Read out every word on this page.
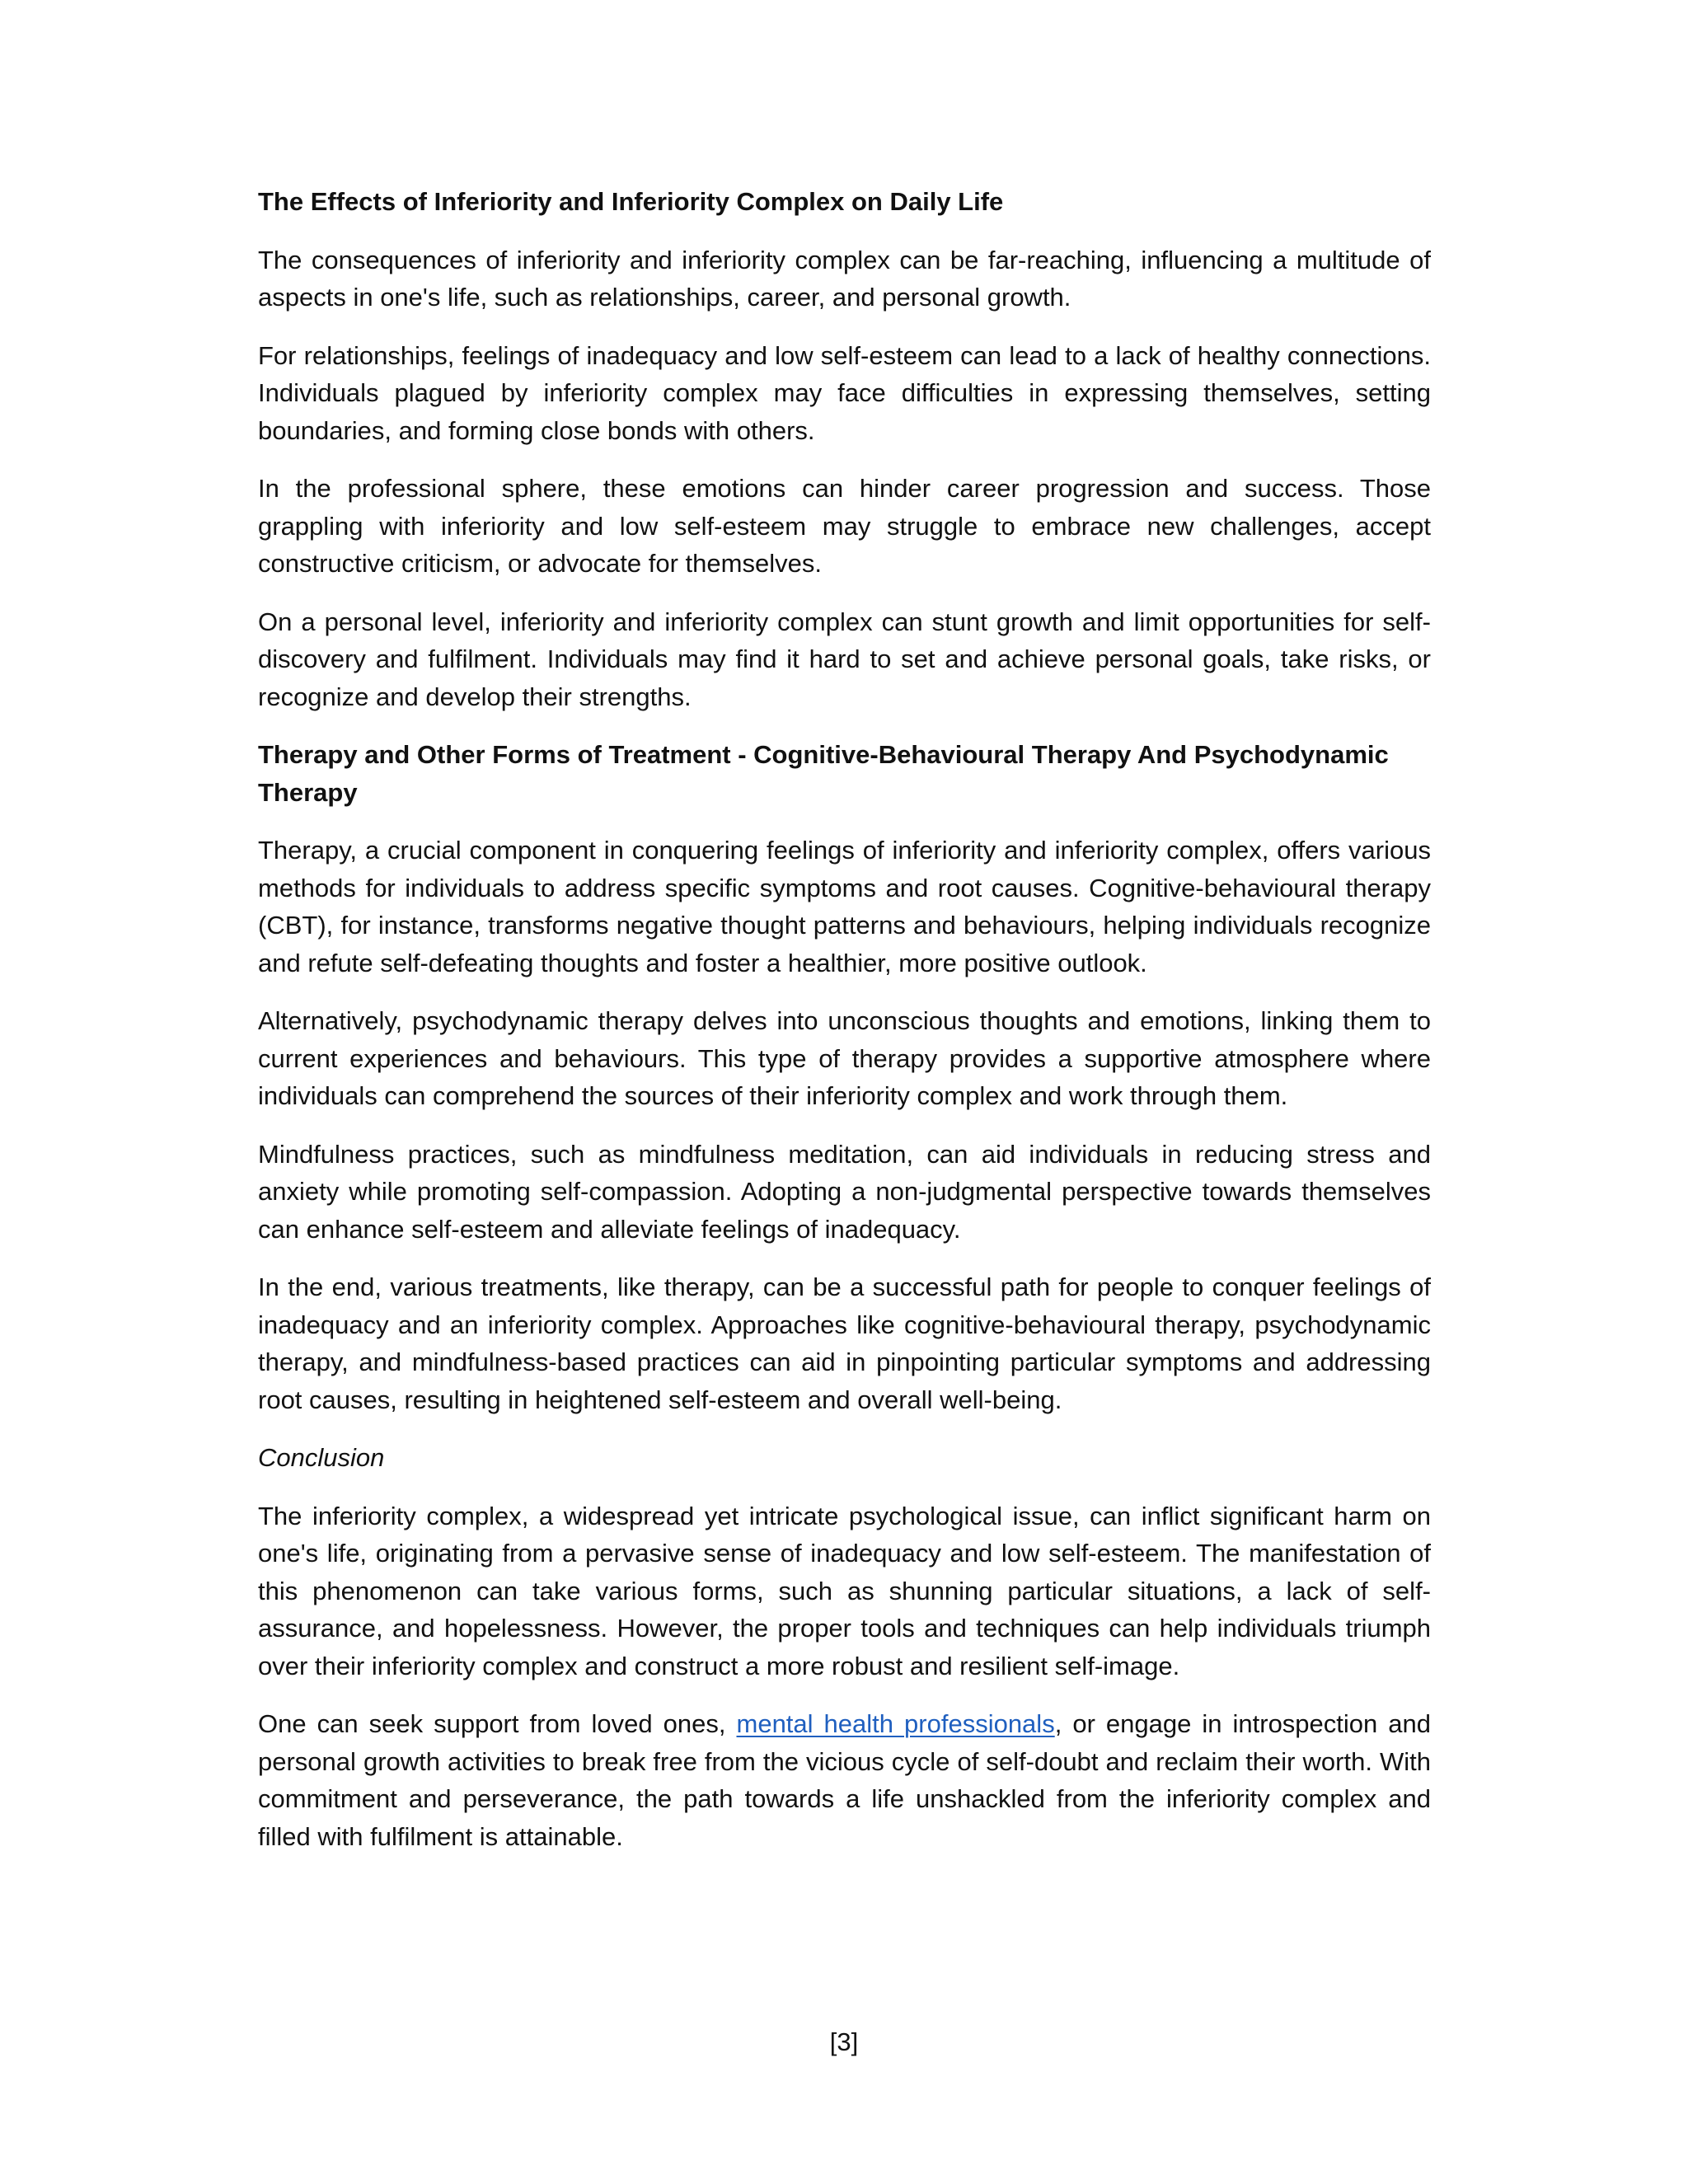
The Effects of Inferiority and Inferiority Complex on Daily Life

The consequences of inferiority and inferiority complex can be far-reaching, influencing a multitude of aspects in one's life, such as relationships, career, and personal growth.

For relationships, feelings of inadequacy and low self-esteem can lead to a lack of healthy connections. Individuals plagued by inferiority complex may face difficulties in expressing themselves, setting boundaries, and forming close bonds with others.

In the professional sphere, these emotions can hinder career progression and success. Those grappling with inferiority and low self-esteem may struggle to embrace new challenges, accept constructive criticism, or advocate for themselves.

On a personal level, inferiority and inferiority complex can stunt growth and limit opportunities for self-discovery and fulfilment. Individuals may find it hard to set and achieve personal goals, take risks, or recognize and develop their strengths.

Therapy and Other Forms of Treatment - Cognitive-Behavioural Therapy And Psychodynamic Therapy

Therapy, a crucial component in conquering feelings of inferiority and inferiority complex, offers various methods for individuals to address specific symptoms and root causes. Cognitive-behavioural therapy (CBT), for instance, transforms negative thought patterns and behaviours, helping individuals recognize and refute self-defeating thoughts and foster a healthier, more positive outlook.

Alternatively, psychodynamic therapy delves into unconscious thoughts and emotions, linking them to current experiences and behaviours. This type of therapy provides a supportive atmosphere where individuals can comprehend the sources of their inferiority complex and work through them.

Mindfulness practices, such as mindfulness meditation, can aid individuals in reducing stress and anxiety while promoting self-compassion. Adopting a non-judgmental perspective towards themselves can enhance self-esteem and alleviate feelings of inadequacy.

In the end, various treatments, like therapy, can be a successful path for people to conquer feelings of inadequacy and an inferiority complex. Approaches like cognitive-behavioural therapy, psychodynamic therapy, and mindfulness-based practices can aid in pinpointing particular symptoms and addressing root causes, resulting in heightened self-esteem and overall well-being.

Conclusion

The inferiority complex, a widespread yet intricate psychological issue, can inflict significant harm on one's life, originating from a pervasive sense of inadequacy and low self-esteem. The manifestation of this phenomenon can take various forms, such as shunning particular situations, a lack of self-assurance, and hopelessness. However, the proper tools and techniques can help individuals triumph over their inferiority complex and construct a more robust and resilient self-image.

One can seek support from loved ones, mental health professionals, or engage in introspection and personal growth activities to break free from the vicious cycle of self-doubt and reclaim their worth. With commitment and perseverance, the path towards a life unshackled from the inferiority complex and filled with fulfilment is attainable.

[3]
